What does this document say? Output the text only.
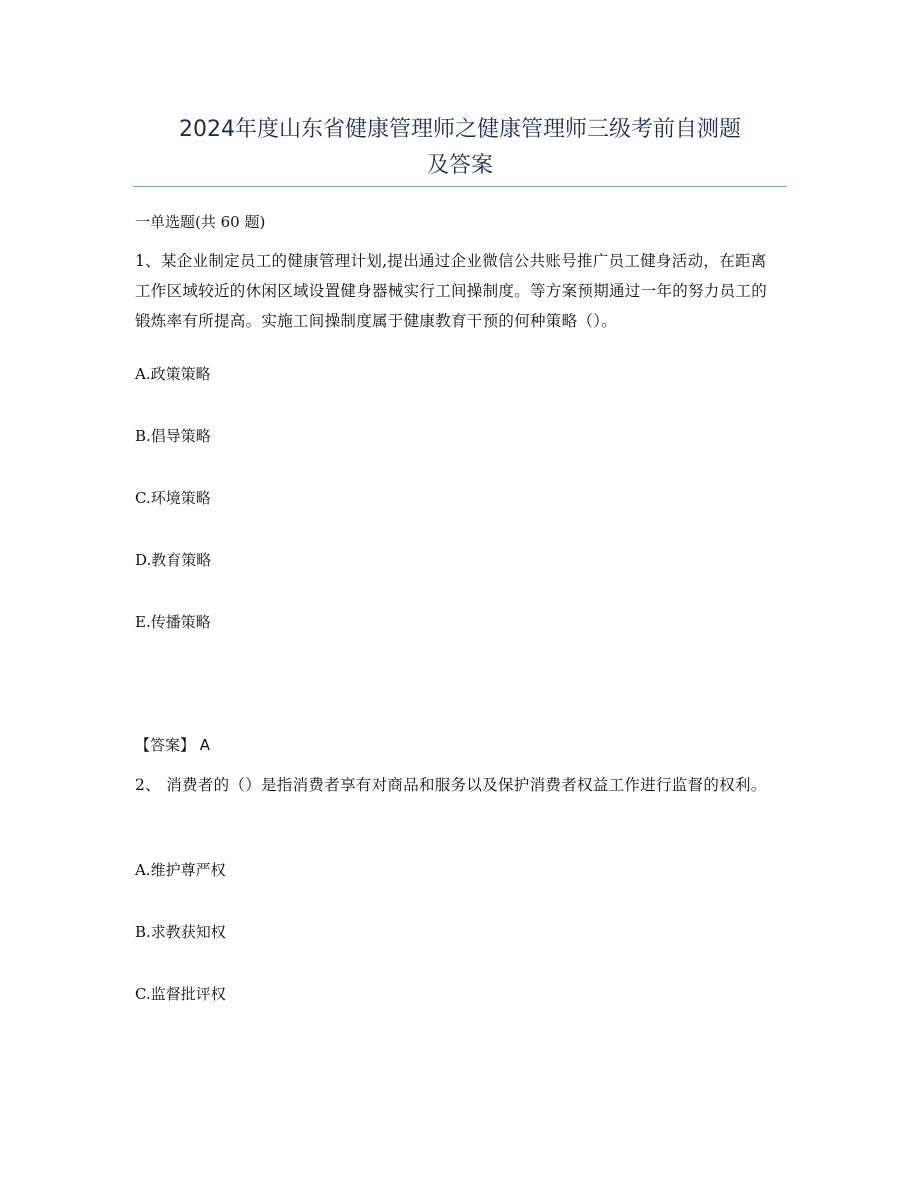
2024年度山东省健康管理师之健康管理师三级考前自测题
及答案
一单选题(共 60 题)
1、某企业制定员工的健康管理计划,提出通过企业微信公共账号推广员工健身活动，在距离工作区域较近的休闲区域设置健身器械实行工间操制度。等方案预期通过一年的努力员工的锻炼率有所提高。实施工间操制度属于健康教育干预的何种策略（）。
A.政策策略
B.倡导策略
C.环境策略
D.教育策略
E.传播策略
【答案】 A
2、 消费者的（）是指消费者享有对商品和服务以及保护消费者权益工作进行监督的权利。
A.维护尊严权
B.求教获知权
C.监督批评权
